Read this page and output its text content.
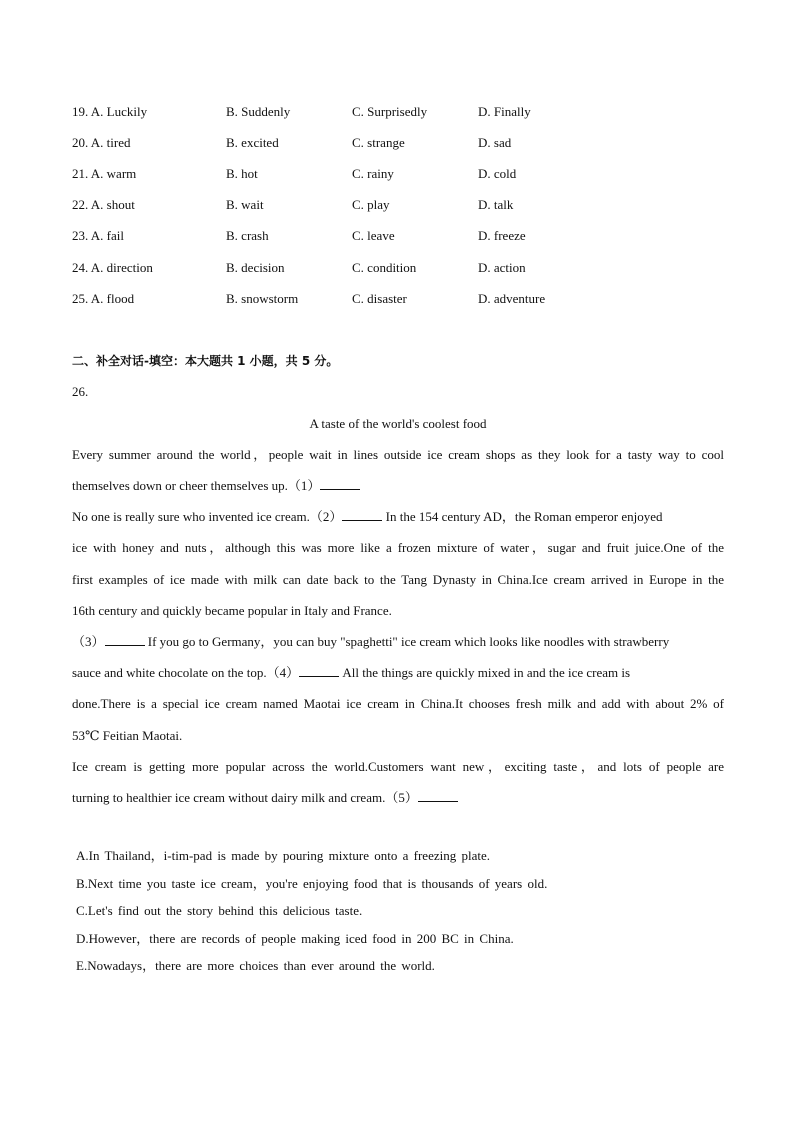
19. A. Luckily	B. Suddenly	C. Surprisedly	D. Finally
20. A. tired	B. excited	C. strange	D. sad
21. A. warm	B. hot	C. rainy	D. cold
22. A. shout	B. wait	C. play	D. talk
23. A. fail	B. crash	C. leave	D. freeze
24. A. direction	B. decision	C. condition	D. action
25. A. flood	B. snowstorm	C. disaster	D. adventure
二、补全对话-填空：本大题共 1 小题，共 5 分。
26.
A taste of the world's coolest food
Every summer around the world，people wait in lines outside ice cream shops as they look for a tasty way to cool
themselves down or cheer themselves up.（1）
No one is really sure who invented ice cream.（2）	In the 154 century AD，the Roman emperor enjoyed
ice with honey and nuts，although this was more like a frozen mixture of water，sugar and fruit juice.One of the
first examples of ice made with milk can date back to the Tang Dynasty in China.Ice cream arrived in Europe in the
16th century and quickly became popular in Italy and France.
（3）	If you go to Germany，you can buy "spaghetti" ice cream which looks like noodles with strawberry
sauce and white chocolate on the top.（4）	All the things are quickly mixed in and the ice cream is
done.There is a special ice cream named Maotai ice cream in China.It chooses fresh milk and add with about 2% of
53℃ Feitian Maotai.
Ice cream is getting more popular across the world.Customers want new，exciting taste，and lots of people are
turning to healthier ice cream without dairy milk and cream.（5）
A.In Thailand，i-tim-pad is made by pouring mixture onto a freezing plate.
B.Next time you taste ice cream，you're enjoying food that is thousands of years old.
C.Let's find out the story behind this delicious taste.
D.However，there are records of people making iced food in 200 BC in China.
E.Nowadays，there are more choices than ever around the world.
